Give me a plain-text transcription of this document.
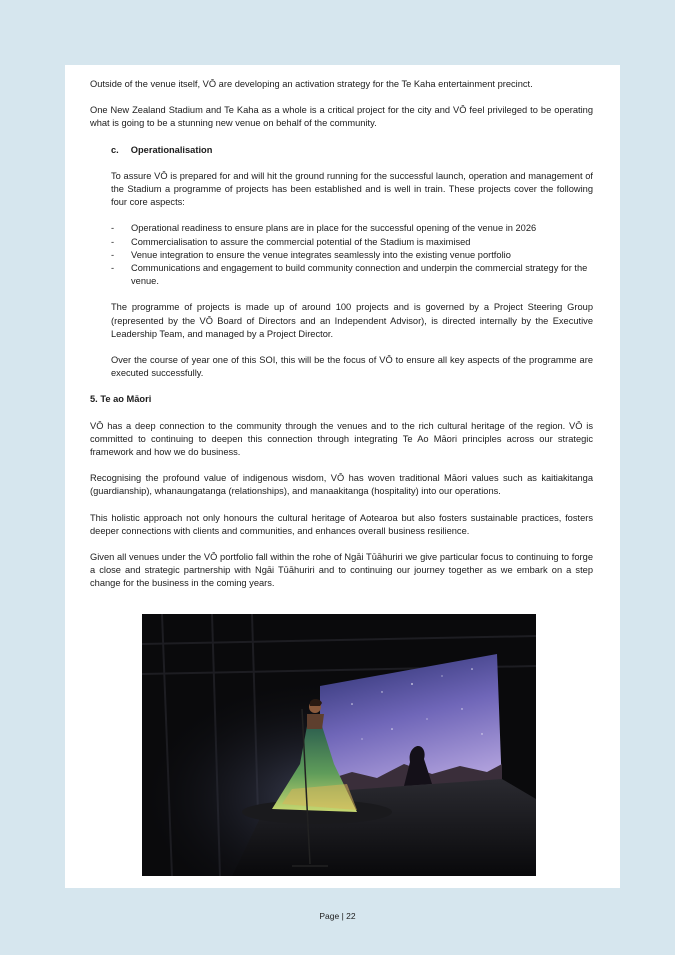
Outside of the venue itself, VŌ are developing an activation strategy for the Te Kaha entertainment precinct.

One New Zealand Stadium and Te Kaha as a whole is a critical project for the city and VŌ feel privileged to be operating what is going to be a stunning new venue on behalf of the community.

c. Operationalisation

To assure VŌ is prepared for and will hit the ground running for the successful launch, operation and management of the Stadium a programme of projects has been established and is well in train. These projects cover the following four core aspects:

- Operational readiness to ensure plans are in place for the successful opening of the venue in 2026
- Commercialisation to assure the commercial potential of the Stadium is maximised
- Venue integration to ensure the venue integrates seamlessly into the existing venue portfolio
- Communications and engagement to build community connection and underpin the commercial strategy for the venue.

The programme of projects is made up of around 100 projects and is governed by a Project Steering Group (represented by the VŌ Board of Directors and an Independent Advisor), is directed internally by the Executive Leadership Team, and managed by a Project Director.

Over the course of year one of this SOI, this will be the focus of VŌ to ensure all key aspects of the programme are executed successfully.

5. Te ao Māori

VŌ has a deep connection to the community through the venues and to the rich cultural heritage of the region. VŌ is committed to continuing to deepen this connection through integrating Te Ao Māori principles across our strategic framework and how we do business.

Recognising the profound value of indigenous wisdom, VŌ has woven traditional Māori values such as kaitiakitanga (guardianship), whanaungatanga (relationships), and manaakitanga (hospitality) into our operations.

This holistic approach not only honours the cultural heritage of Aotearoa but also fosters sustainable practices, fosters deeper connections with clients and communities, and enhances overall business resilience.

Given all venues under the VŌ portfolio fall within the rohe of Ngāi Tūāhuriri we give particular focus to continuing to forge a close and strategic partnership with Ngāi Tūāhuriri and to continuing our journey together as we embark on a step change for the business in the coming years.

Page | 22
